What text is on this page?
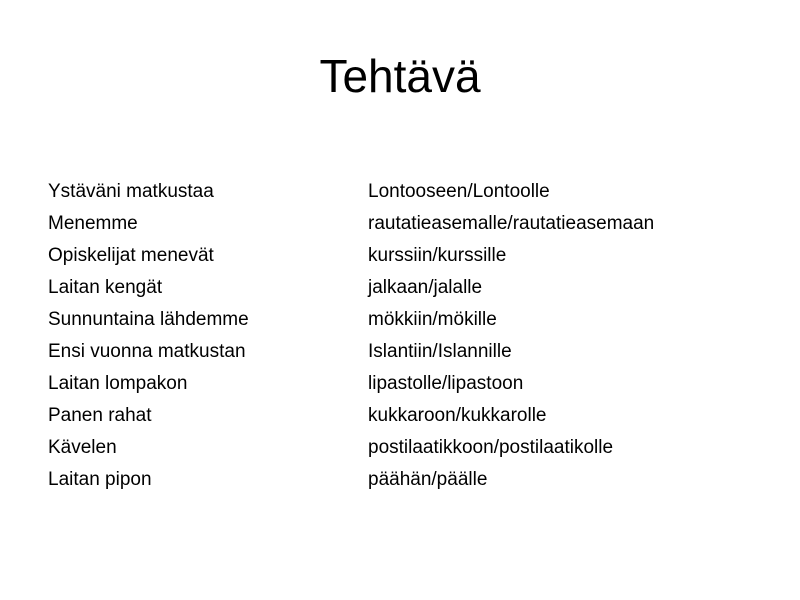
Tehtävä
Ystäväni matkustaa	Lontooseen/Lontoolle
Menemme	rautatieasemalle/rautatieasemaan
Opiskelijat menevät	kurssiin/kurssille
Laitan kengät	jalkaan/jalalle
Sunnuntaina lähdemme	mökkiin/mökille
Ensi vuonna matkustan	Islantiin/Islannille
Laitan lompakon	lipastolle/lipastoon
Panen rahat	kukkaroon/kukkarolle
Kävelen	postilaatikkoon/postilaatikolle
Laitan pipon	päähän/päälle
